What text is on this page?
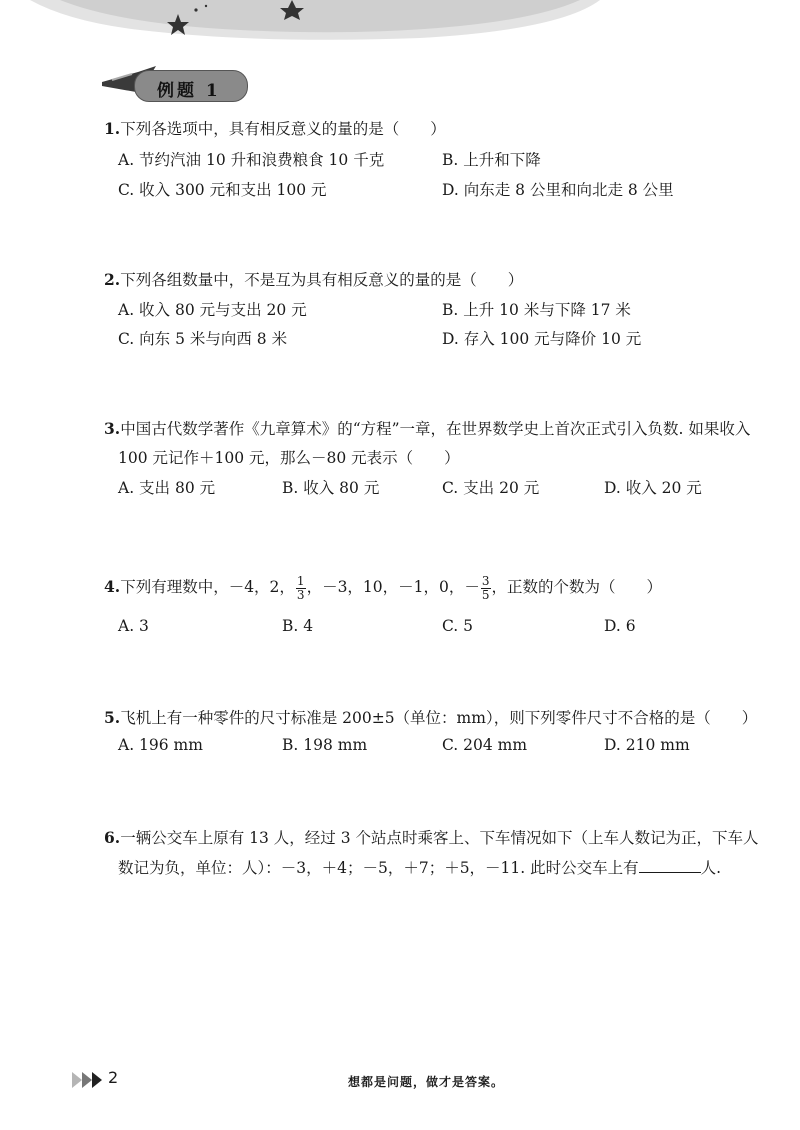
例题 1
1.下列各选项中，具有相反意义的量的是（　　）
A. 节约汽油 10 升和浪费粮食 10 千克	B. 上升和下降
C. 收入 300 元和支出 100 元	D. 向东走 8 公里和向北走 8 公里
2.下列各组数量中，不是互为具有相反意义的量的是（　　）
A. 收入 80 元与支出 20 元	B. 上升 10 米与下降 17 米
C. 向东 5 米与向西 8 米	D. 存入 100 元与降价 10 元
3.中国古代数学著作《九章算术》的“方程”一章，在世界数学史上首次正式引入负数. 如果收入
100 元记作＋100 元，那么－80 元表示（　　）
A. 支出 80 元	B. 收入 80 元	C. 支出 20 元	D. 收入 20 元
4.下列有理数中，－4，2， $\frac{1}{3}$ ，－3，10，－1，0，－ $\frac{3}{5}$ ，正数的个数为（　　）
A. 3	B. 4	C. 5	D. 6
5.飞机上有一种零件的尺寸标准是 200±5（单位：mm），则下列零件尺寸不合格的是（　　）
A. 196 mm	B. 198 mm	C. 204 mm	D. 210 mm
6.一辆公交车上原有 13 人，经过 3 个站点时乘客上、下车情况如下（上车人数记为正，下车人
数记为负，单位：人）：－3，＋4；－5，＋7；＋5，－11. 此时公交车上有	人.
2	想都是问题，做才是答案。
